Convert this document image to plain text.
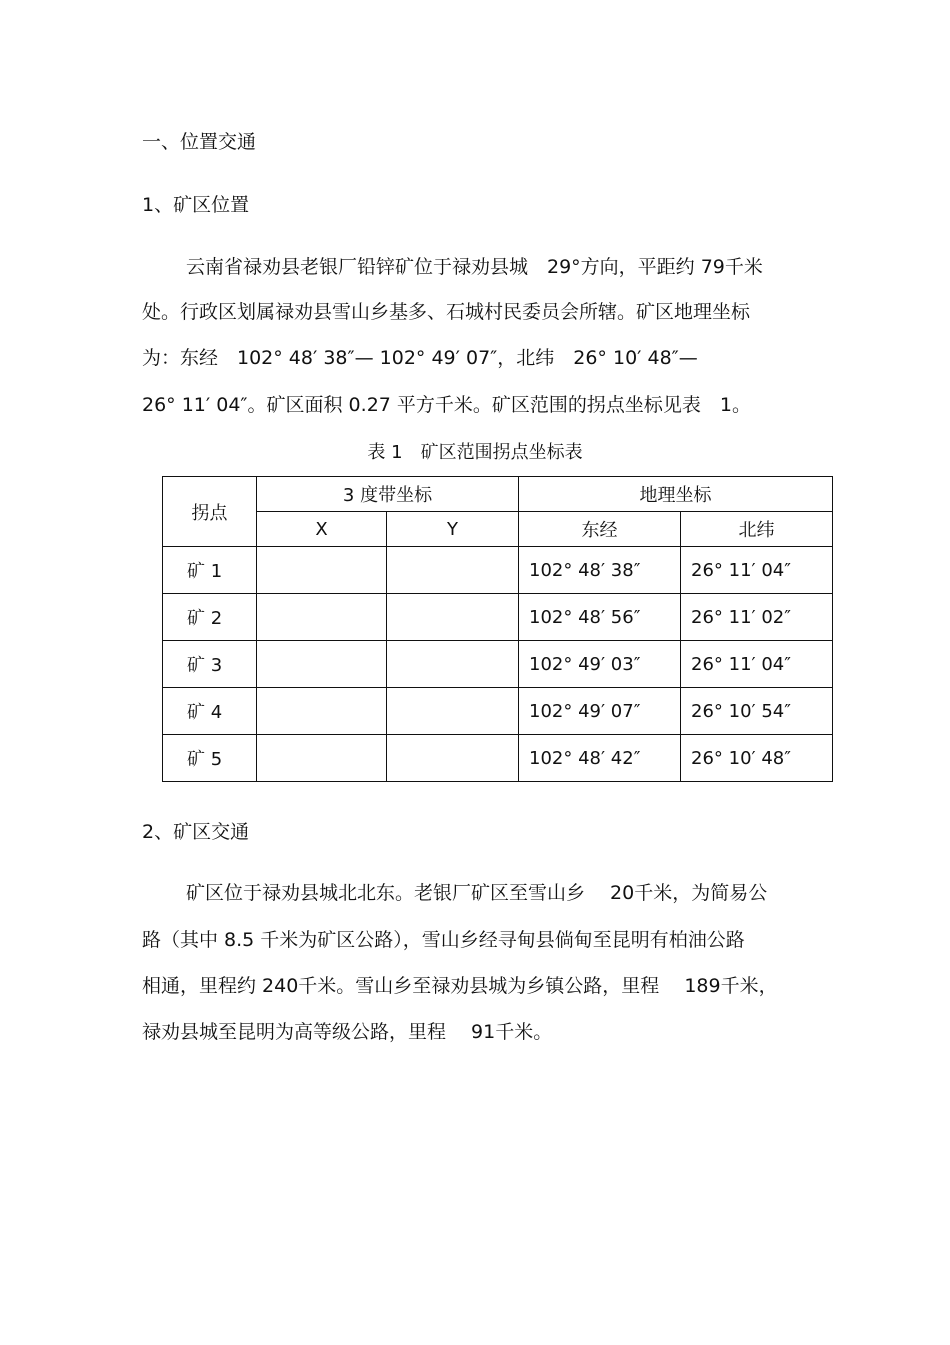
一、位置交通
1、矿区位置
云南省禄劝县老银厂铅锌矿位于禄劝县城　29°方向，平距约 79千米
处。行政区划属禄劝县雪山乡基多、石城村民委员会所辖。矿区地理坐标
为：东经　102° 48′ 38″— 102° 49′ 07″，北纬　26° 10′ 48″—
26° 11′ 04″。矿区面积 0.27 平方千米。矿区范围的拐点坐标见表　1。
表 1　矿区范围拐点坐标表
拐点	3 度带坐标		地理坐标	
	X	Y	东经	北纬
矿 1			102° 48′ 38″	26° 11′ 04″
矿 2			102° 48′ 56″	26° 11′ 02″
矿 3			102° 49′ 03″	26° 11′ 04″
矿 4			102° 49′ 07″	26° 10′ 54″
矿 5			102° 48′ 42″	26° 10′ 48″
2、矿区交通
矿区位于禄劝县城北北东。老银厂矿区至雪山乡　 20千米，为简易公
路（其中 8.5 千米为矿区公路），雪山乡经寻甸县倘甸至昆明有柏油公路
相通，里程约 240千米。雪山乡至禄劝县城为乡镇公路，里程　 189千米，
禄劝县城至昆明为高等级公路，里程　 91千米。
